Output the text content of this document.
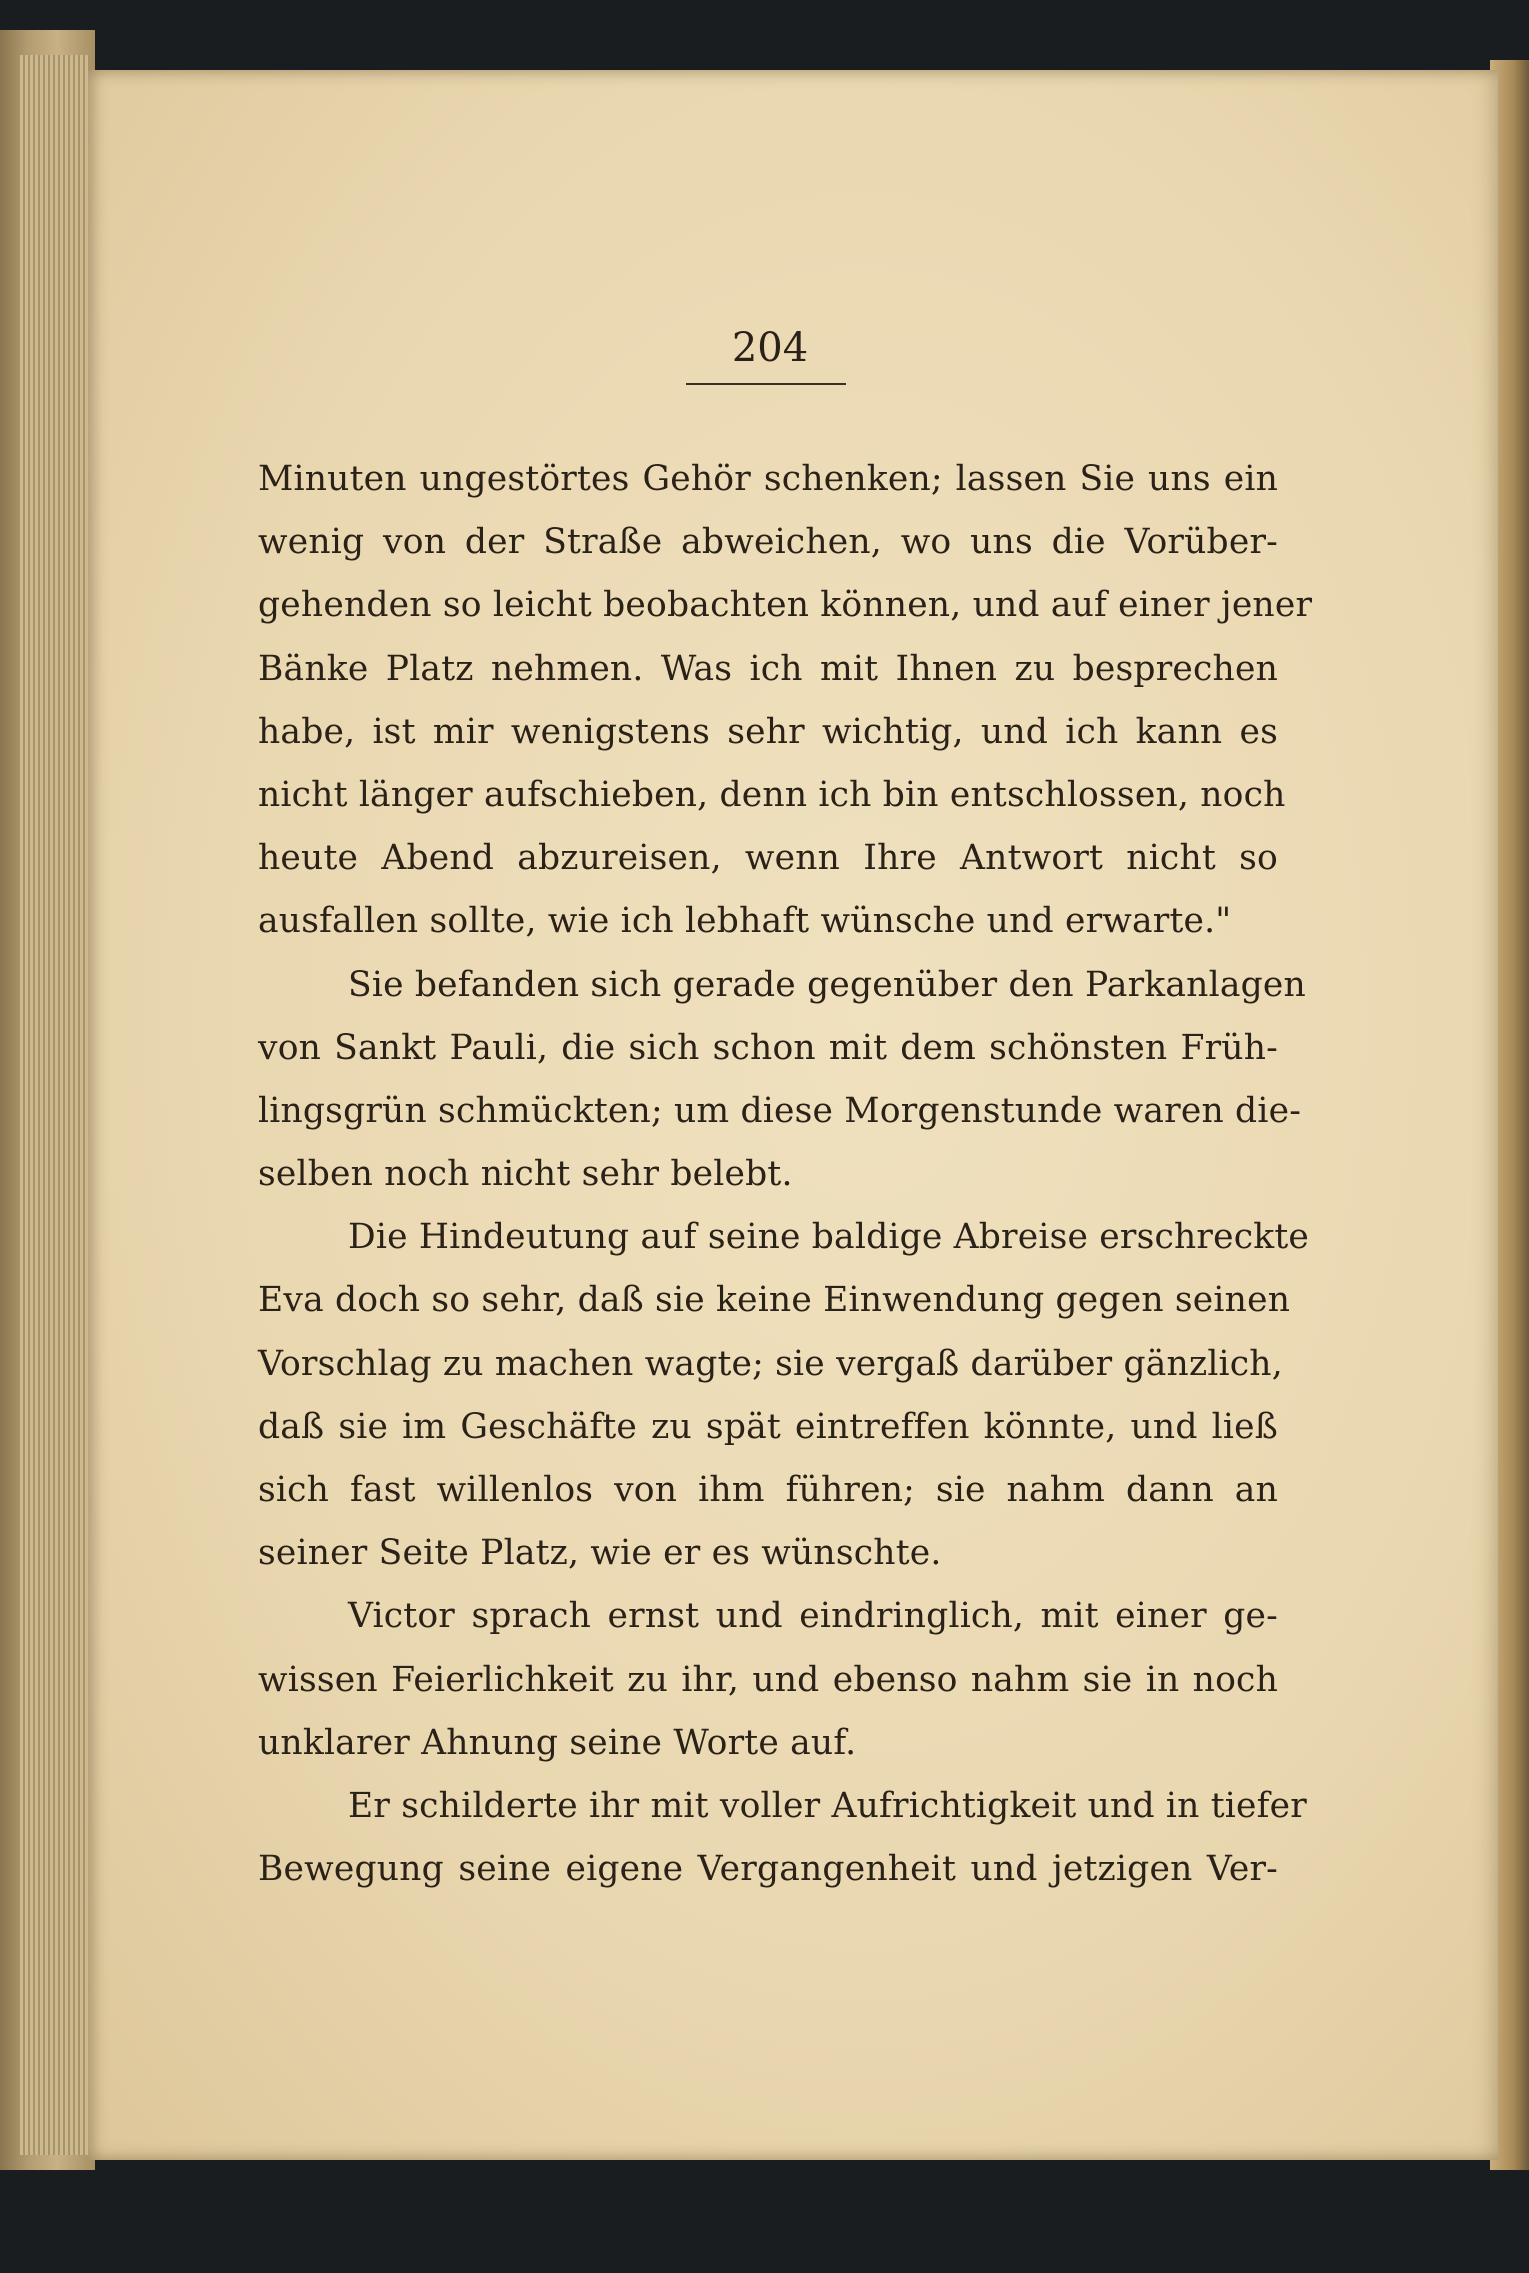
204
Minuten ungestörtes Gehör schenken; lassen Sie uns ein
wenig von der Straße abweichen, wo uns die Vorüber-
gehenden so leicht beobachten können, und auf einer jener
Bänke Platz nehmen. Was ich mit Ihnen zu besprechen
habe, ist mir wenigstens sehr wichtig, und ich kann es
nicht länger aufschieben, denn ich bin entschlossen, noch
heute Abend abzureisen, wenn Ihre Antwort nicht so
ausfallen sollte, wie ich lebhaft wünsche und erwarte."
Sie befanden sich gerade gegenüber den Parkanlagen
von Sankt Pauli, die sich schon mit dem schönsten Früh-
lingsgrün schmückten; um diese Morgenstunde waren die-
selben noch nicht sehr belebt.
Die Hindeutung auf seine baldige Abreise erschreckte
Eva doch so sehr, daß sie keine Einwendung gegen seinen
Vorschlag zu machen wagte; sie vergaß darüber gänzlich,
daß sie im Geschäfte zu spät eintreffen könnte, und ließ
sich fast willenlos von ihm führen; sie nahm dann an
seiner Seite Platz, wie er es wünschte.
Victor sprach ernst und eindringlich, mit einer ge-
wissen Feierlichkeit zu ihr, und ebenso nahm sie in noch
unklarer Ahnung seine Worte auf.
Er schilderte ihr mit voller Aufrichtigkeit und in tiefer
Bewegung seine eigene Vergangenheit und jetzigen Ver-
